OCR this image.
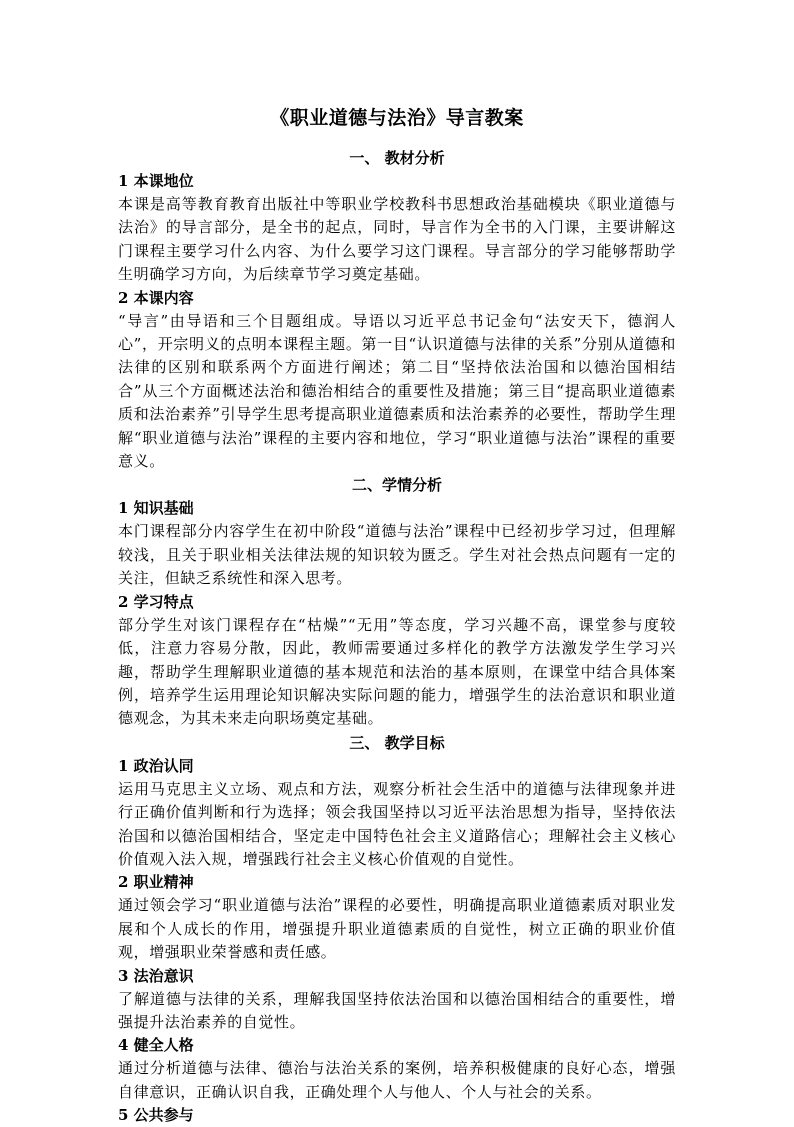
《职业道德与法治》导言教案
一、 教材分析
1 本课地位

本课是高等教育教育出版社中等职业学校教科书思想政治基础模块《职业道德与法治》的导言部分，是全书的起点，同时，导言作为全书的入门课，主要讲解这门课程主要学习什么内容、为什么要学习这门课程。导言部分的学习能够帮助学生明确学习方向，为后续章节学习奠定基础。

2 本课内容

“导言”由导语和三个目题组成。导语以习近平总书记金句“法安天下，德润人心”，开宗明义的点明本课程主题。第一目“认识道德与法律的关系”分别从道德和法律的区别和联系两个方面进行阐述；第二目“坚持依法治国和以德治国相结合”从三个方面概述法治和德治相结合的重要性及措施；第三目“提高职业道德素质和法治素养”引导学生思考提高职业道德素质和法治素养的必要性，帮助学生理解“职业道德与法治”课程的主要内容和地位，学习“职业道德与法治”课程的重要意义。

二、学情分析
1 知识基础

本门课程部分内容学生在初中阶段“道德与法治”课程中已经初步学习过，但理解较浅，且关于职业相关法律法规的知识较为匮乏。学生对社会热点问题有一定的关注，但缺乏系统性和深入思考。

2 学习特点

部分学生对该门课程存在“枯燥”“无用”等态度，学习兴趣不高，课堂参与度较低，注意力容易分散，因此，教师需要通过多样化的教学方法激发学生学习兴趣，帮助学生理解职业道德的基本规范和法治的基本原则，在课堂中结合具体案例，培养学生运用理论知识解决实际问题的能力，增强学生的法治意识和职业道德观念，为其未来走向职场奠定基础。

三、 教学目标
1 政治认同

运用马克思主义立场、观点和方法，观察分析社会生活中的道德与法律现象并进行正确价值判断和行为选择；领会我国坚持以习近平法治思想为指导，坚持依法治国和以德治国相结合，坚定走中国特色社会主义道路信心；理解社会主义核心价值观入法入规，增强践行社会主义核心价值观的自觉性。

2 职业精神

通过领会学习“职业道德与法治”课程的必要性，明确提高职业道德素质对职业发展和个人成长的作用，增强提升职业道德素质的自觉性，树立正确的职业价值观，增强职业荣誉感和责任感。

3 法治意识

了解道德与法律的关系，理解我国坚持依法治国和以德治国相结合的重要性，增强提升法治素养的自觉性。

4 健全人格

通过分析道德与法律、德治与法治关系的案例，培养积极健康的良好心态，增强自律意识，正确认识自我，正确处理个人与他人、个人与社会的关系。

5 公共参与
